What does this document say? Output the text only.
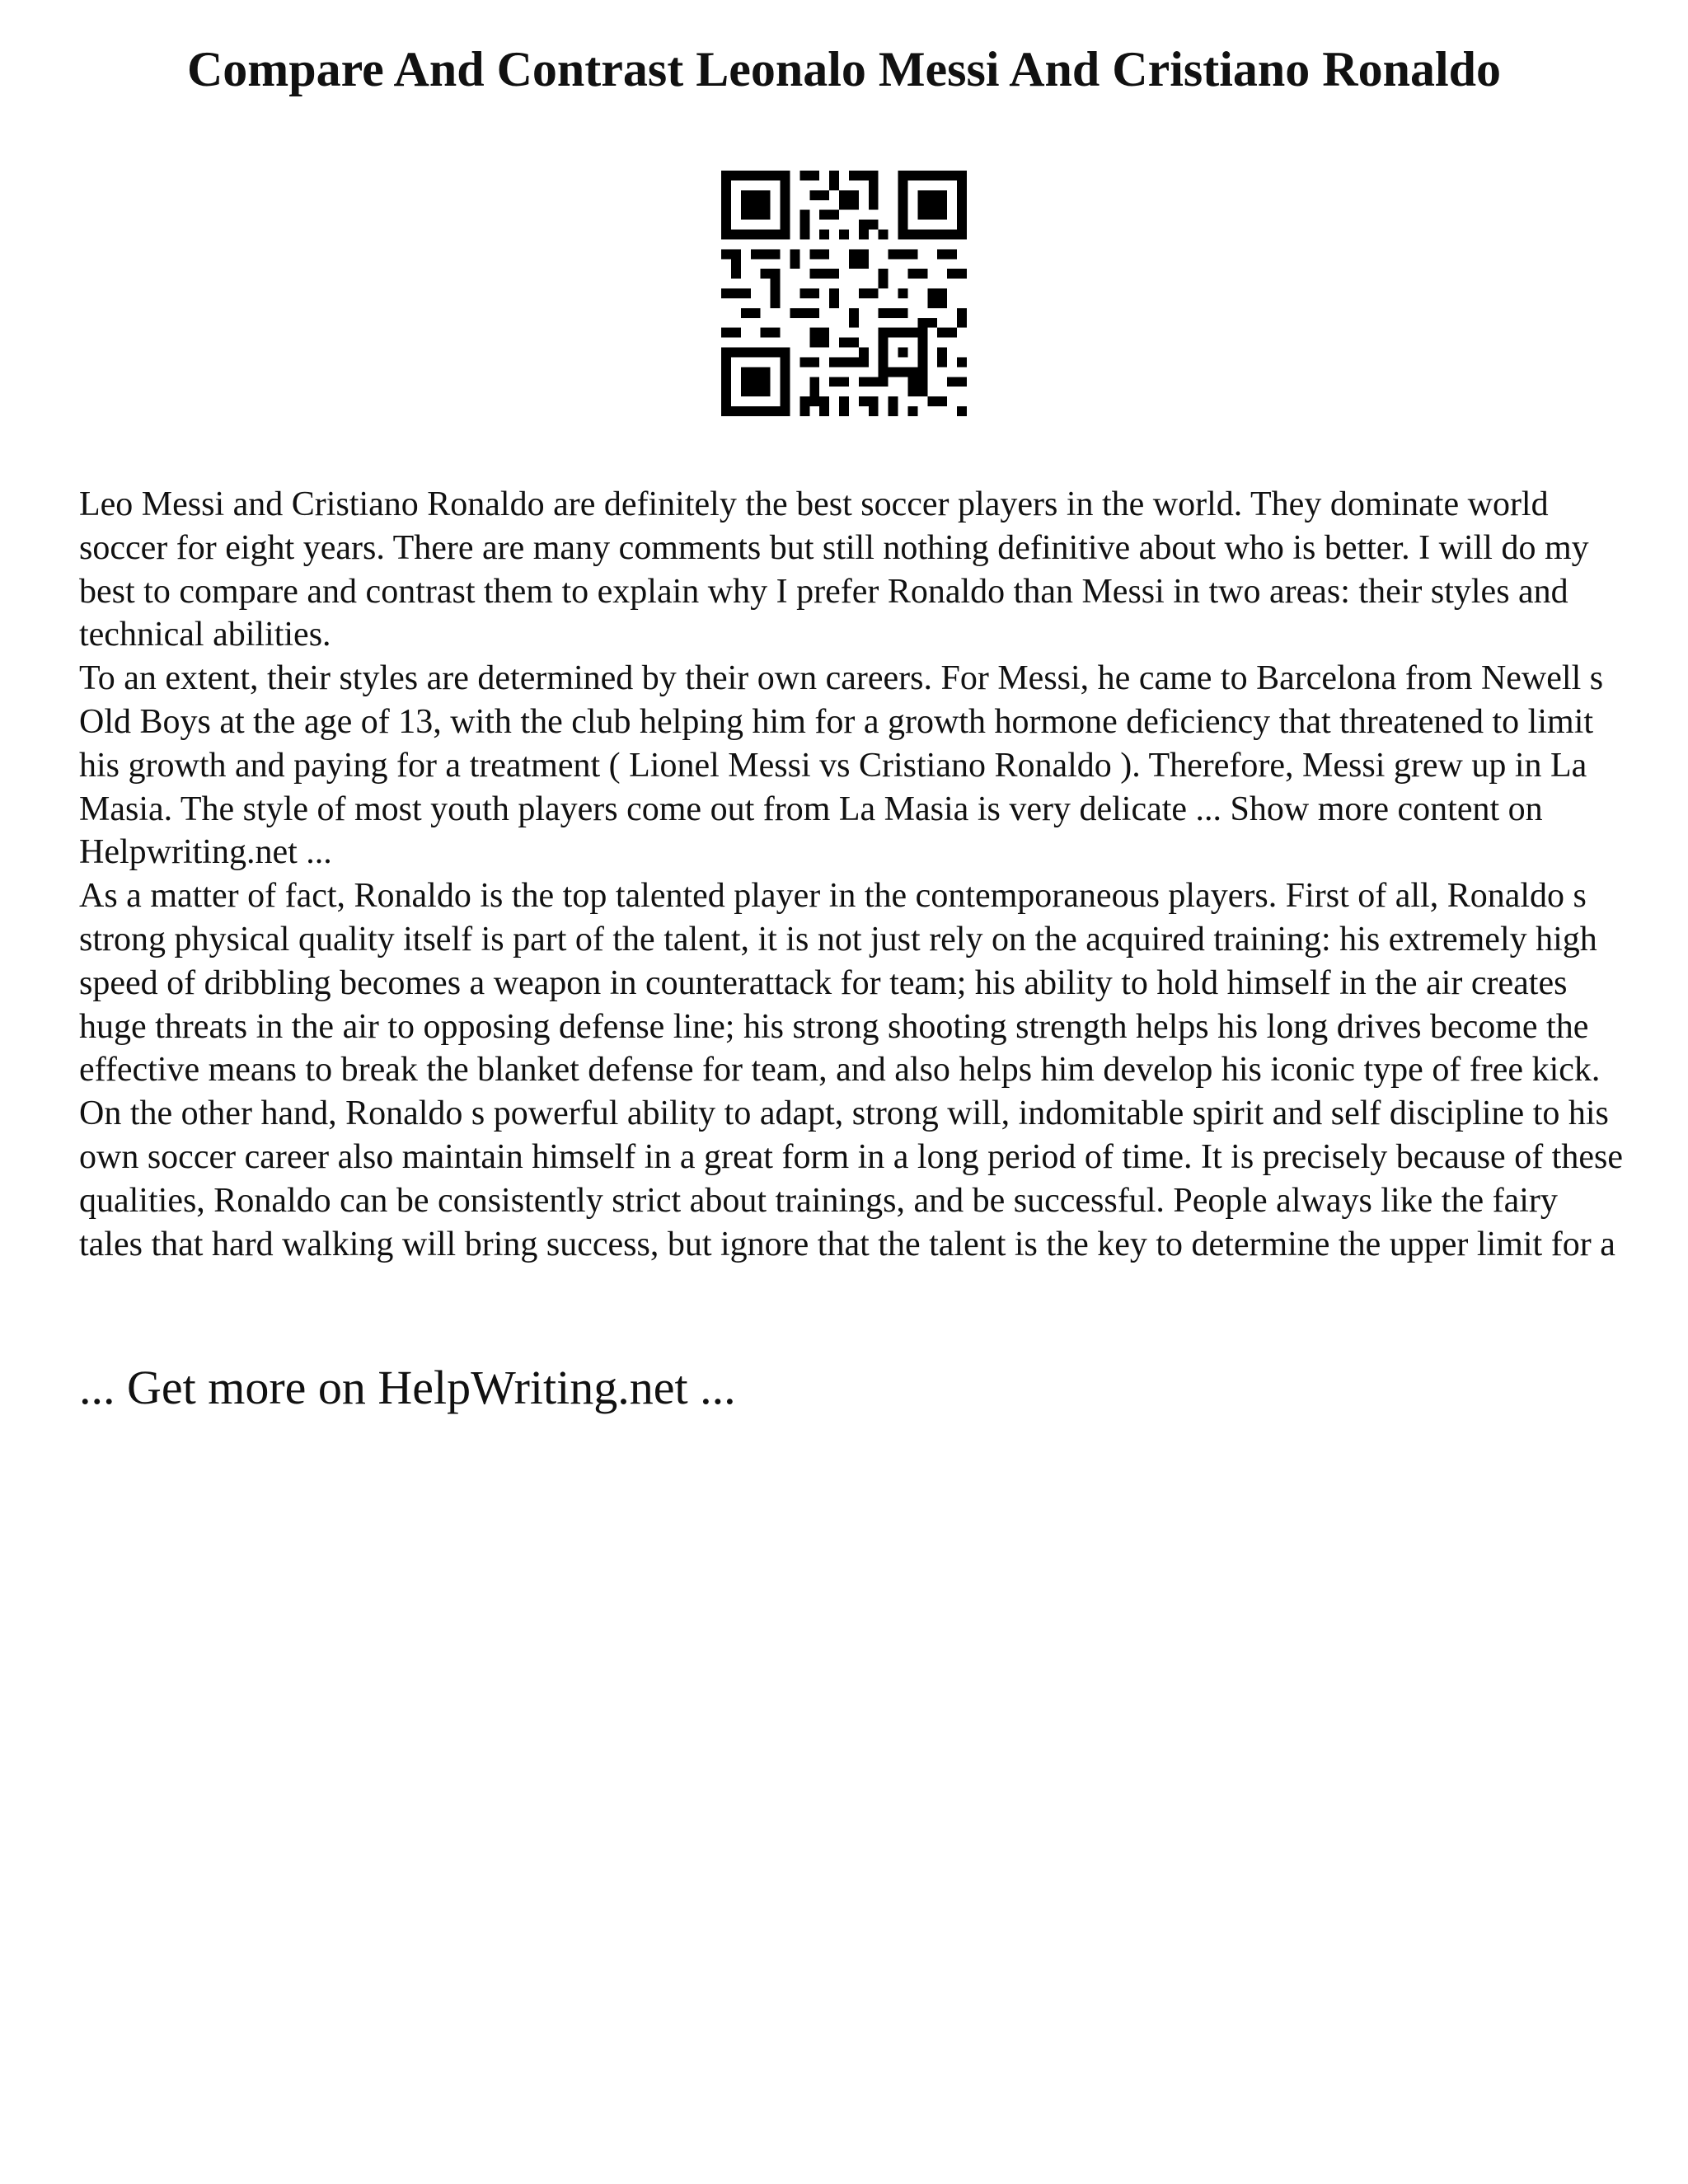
Compare And Contrast Leonalo Messi And Cristiano Ronaldo

Leo Messi and Cristiano Ronaldo are definitely the best soccer players in the world. They dominate world soccer for eight years. There are many comments but still nothing definitive about who is better. I will do my best to compare and contrast them to explain why I prefer Ronaldo than Messi in two areas: their styles and technical abilities.

To an extent, their styles are determined by their own careers. For Messi, he came to Barcelona from Newell s Old Boys at the age of 13, with the club helping him for a growth hormone deficiency that threatened to limit his growth and paying for a treatment ( Lionel Messi vs Cristiano Ronaldo ). Therefore, Messi grew up in La Masia. The style of most youth players come out from La Masia is very delicate ... Show more content on Helpwriting.net ...

As a matter of fact, Ronaldo is the top talented player in the contemporaneous players. First of all, Ronaldo s strong physical quality itself is part of the talent, it is not just rely on the acquired training: his extremely high speed of dribbling becomes a weapon in counterattack for team; his ability to hold himself in the air creates huge threats in the air to opposing defense line; his strong shooting strength helps his long drives become the effective means to break the blanket defense for team, and also helps him develop his iconic type of free kick. On the other hand, Ronaldo s powerful ability to adapt, strong will, indomitable spirit and self discipline to his own soccer career also maintain himself in a great form in a long period of time. It is precisely because of these qualities, Ronaldo can be consistently strict about trainings, and be successful. People always like the fairy tales that hard walking will bring success, but ignore that the talent is the key to determine the upper limit for a

... Get more on HelpWriting.net ...
